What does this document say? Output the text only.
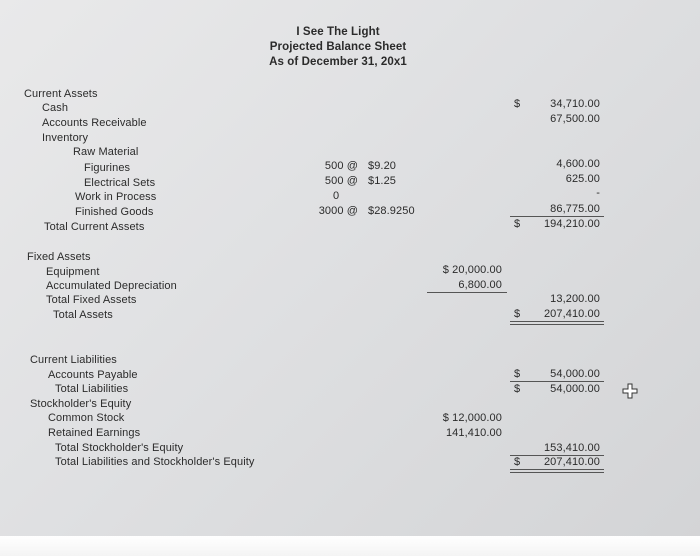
I See The Light
Projected Balance Sheet
As of December 31, 20x1
Current Assets
Cash	$	34,710.00
Accounts Receivable	67,500.00
Inventory
Raw Material
Figurines	500 @ $9.20	4,600.00
Electrical Sets	500 @ $1.25	625.00
Work in Process	0	-
Finished Goods	3000 @ $28.9250	86,775.00
Total Current Assets	$	194,210.00
Fixed Assets
Equipment	$ 20,000.00
Accumulated Depreciation	6,800.00
Total Fixed Assets	13,200.00
Total Assets	$	207,410.00
Current Liabilities
Accounts Payable	$	54,000.00
Total Liabilities	$	54,000.00
Stockholder's Equity
Common Stock	$ 12,000.00
Retained Earnings	141,410.00
Total Stockholder's Equity	153,410.00
Total Liabilities and Stockholder's Equity	$	207,410.00
